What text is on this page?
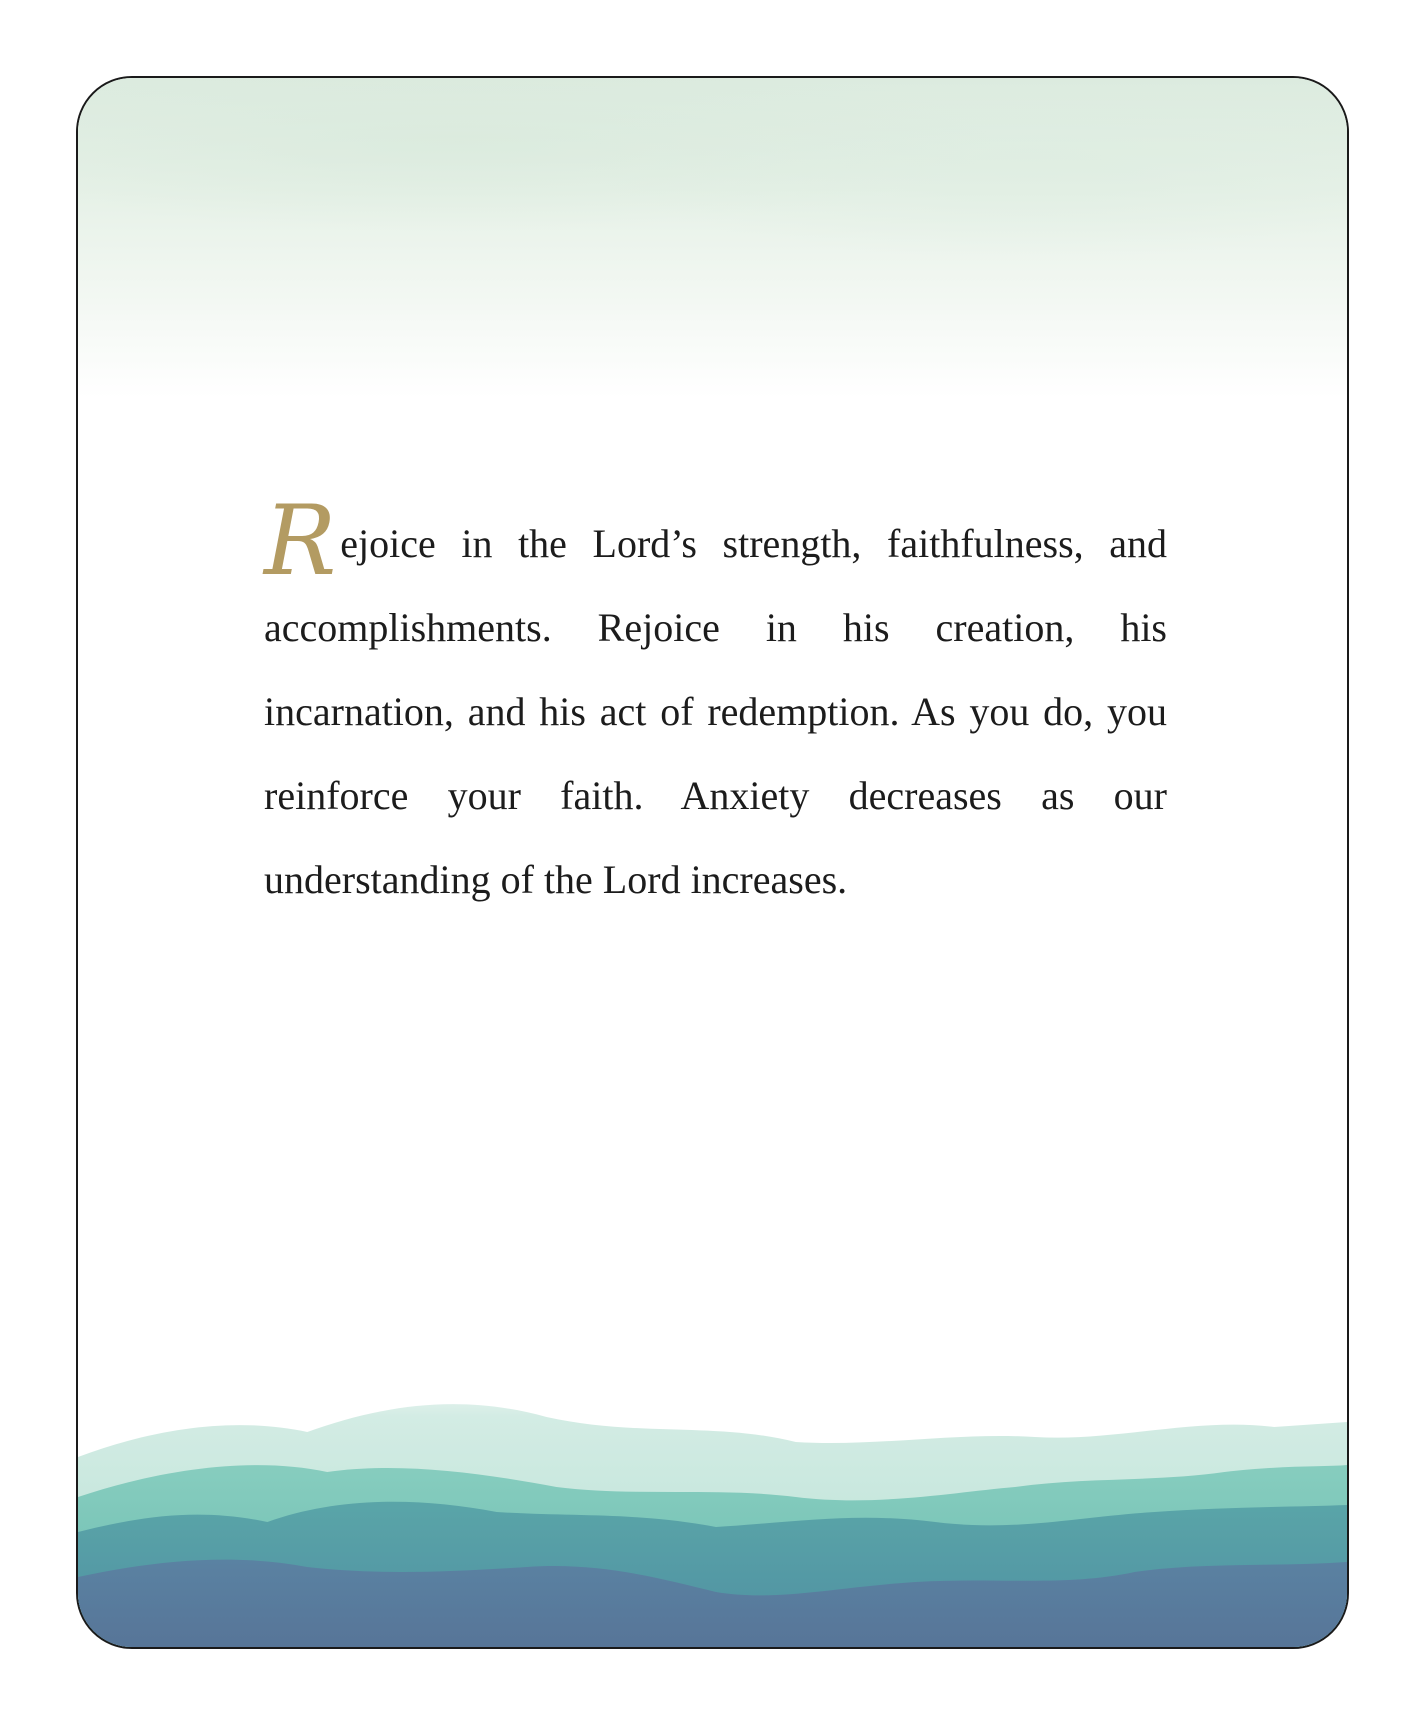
Rejoice in the Lord’s strength, faithfulness, and accomplishments. Rejoice in his creation, his incarnation, and his act of redemption. As you do, you reinforce your faith. Anxiety decreases as our understanding of the Lord increases.
